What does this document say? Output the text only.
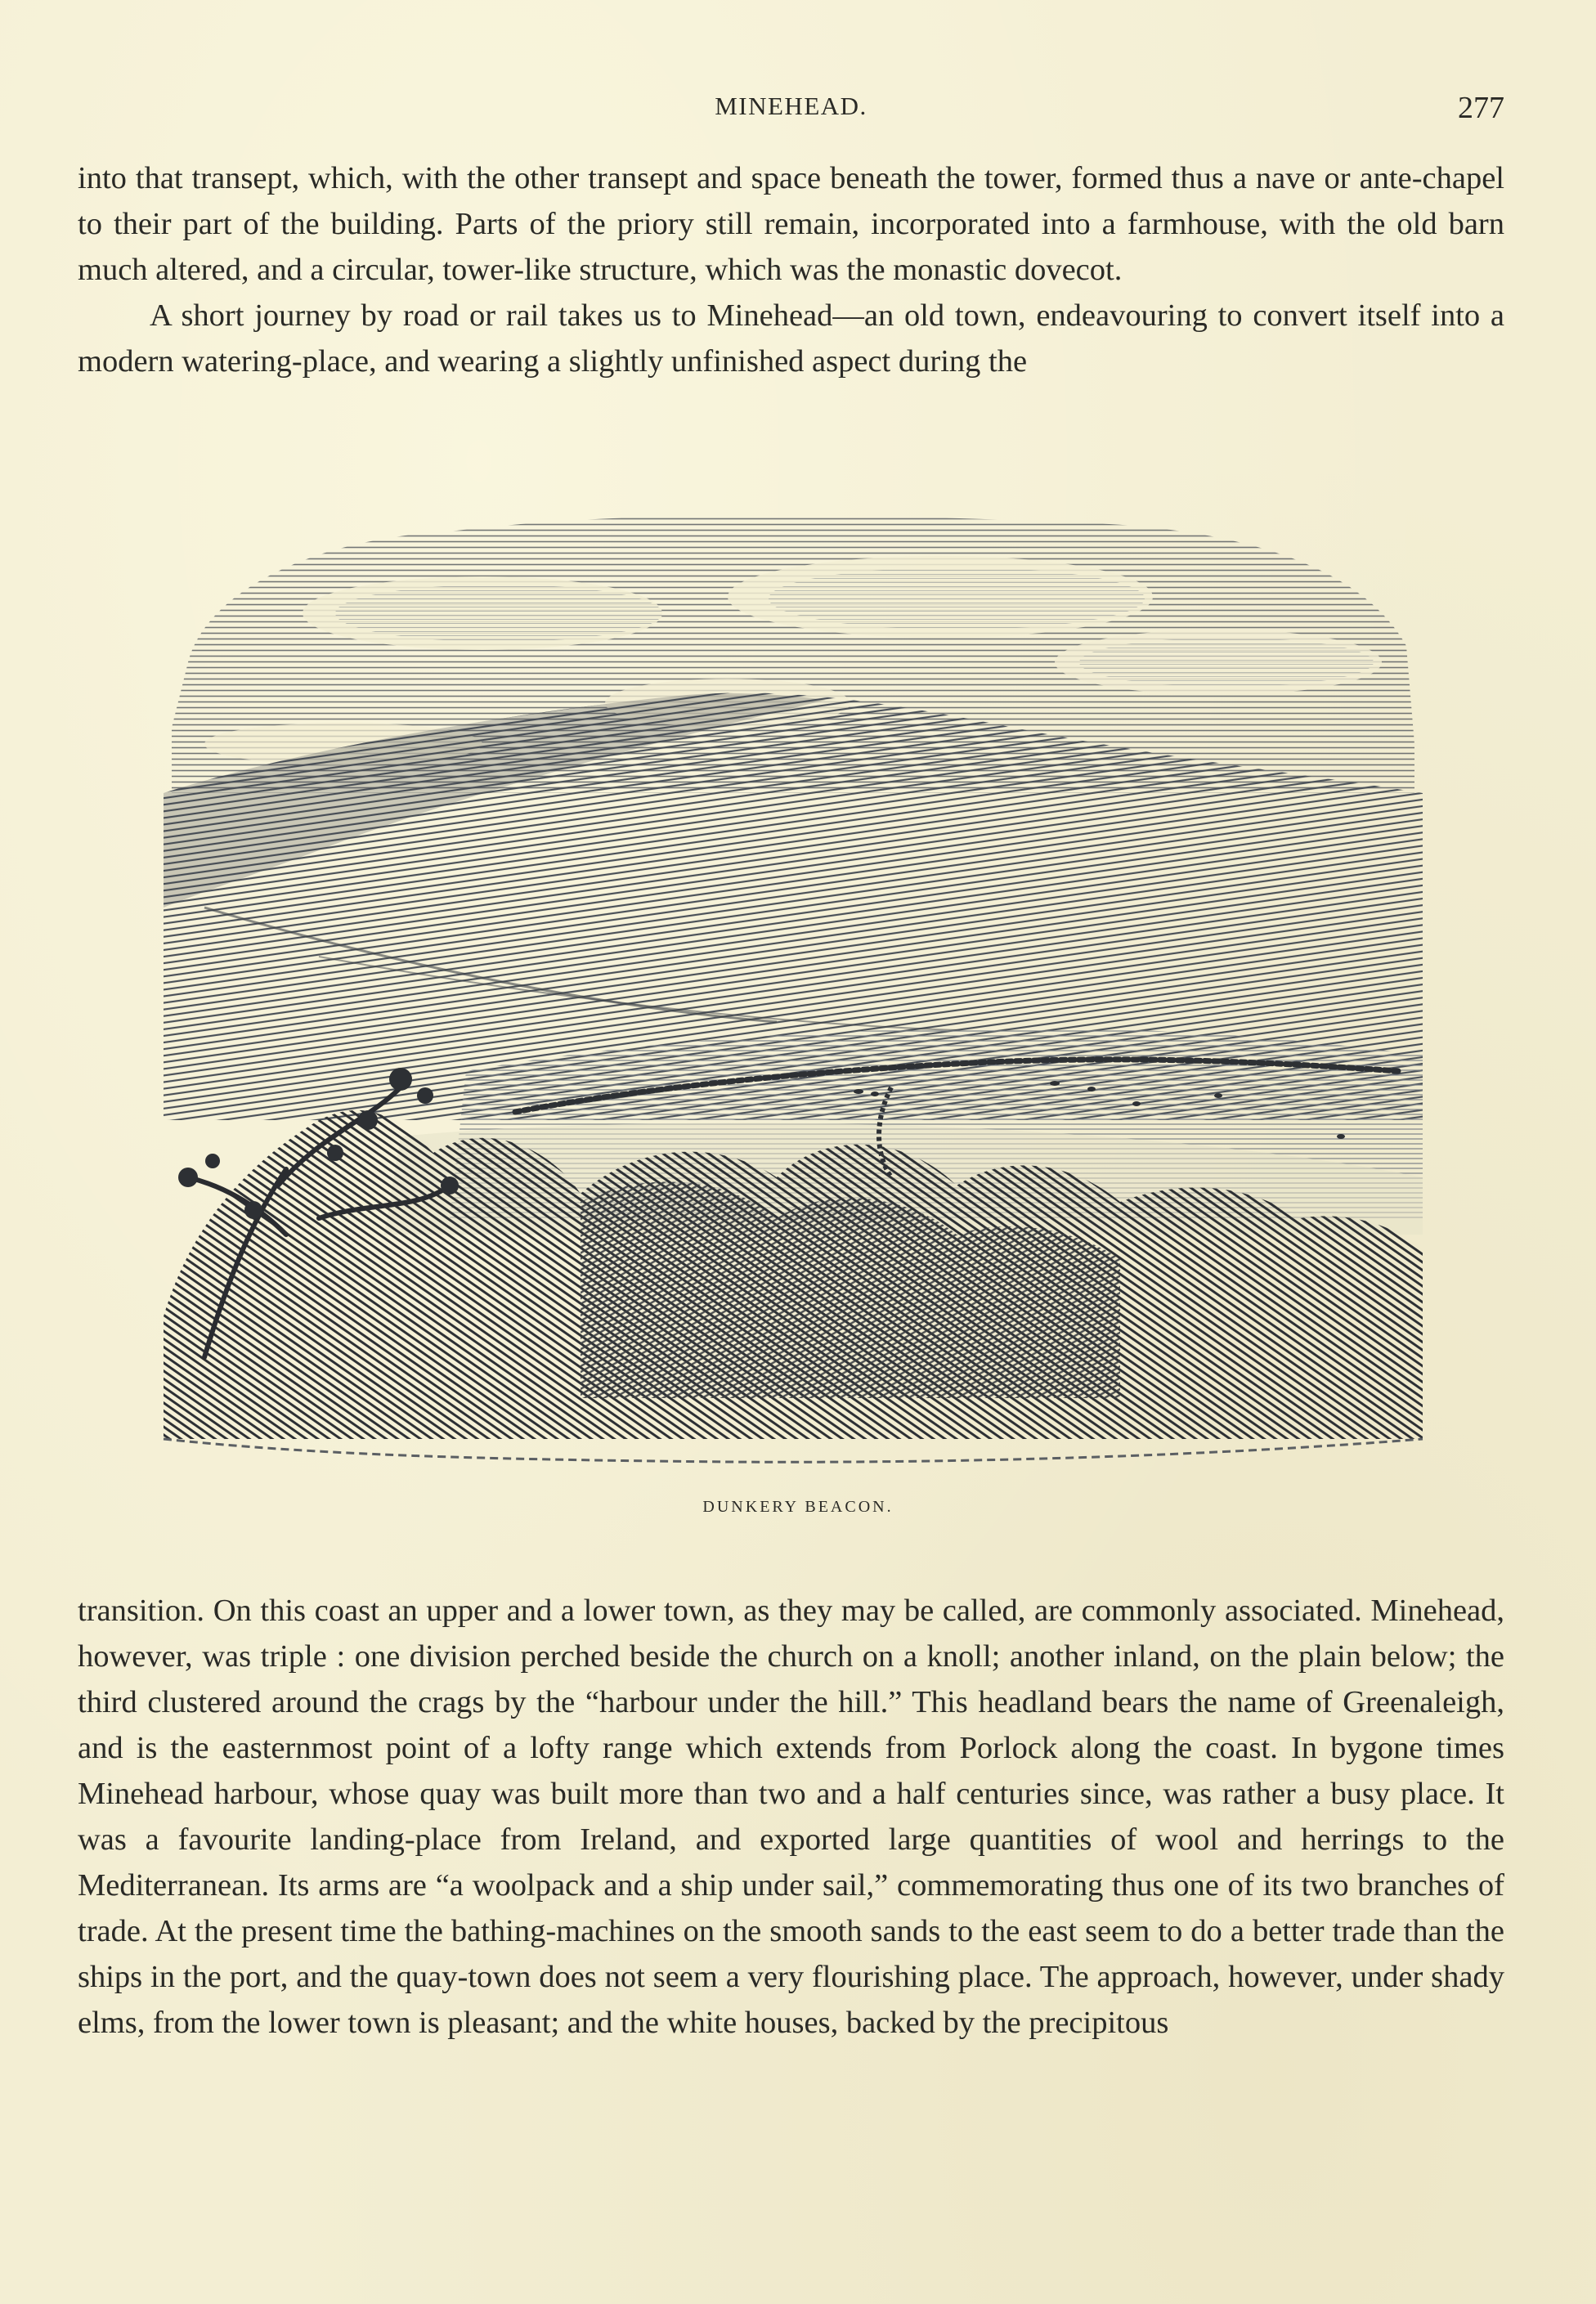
MINEHEAD.	277

into that transept, which, with the other transept and space beneath the tower, formed thus a nave or ante-chapel to their part of the building. Parts of the priory still remain, incorporated into a farmhouse, with the old barn much altered, and a circular, tower-like structure, which was the monastic dovecot.

A short journey by road or rail takes us to Minehead—an old town, endeavouring to convert itself into a modern watering-place, and wearing a slightly unfinished aspect during the

DUNKERY BEACON.

transition. On this coast an upper and a lower town, as they may be called, are commonly associated. Minehead, however, was triple : one division perched beside the church on a knoll; another inland, on the plain below; the third clustered around the crags by the “harbour under the hill.” This headland bears the name of Greenaleigh, and is the easternmost point of a lofty range which extends from Porlock along the coast. In bygone times Minehead harbour, whose quay was built more than two and a half centuries since, was rather a busy place. It was a favourite landing-place from Ireland, and exported large quantities of wool and herrings to the Mediterranean. Its arms are “a woolpack and a ship under sail,” commemorating thus one of its two branches of trade. At the present time the bathing-machines on the smooth sands to the east seem to do a better trade than the ships in the port, and the quay-town does not seem a very flourishing place. The approach, however, under shady elms, from the lower town is pleasant; and the white houses, backed by the precipitous
